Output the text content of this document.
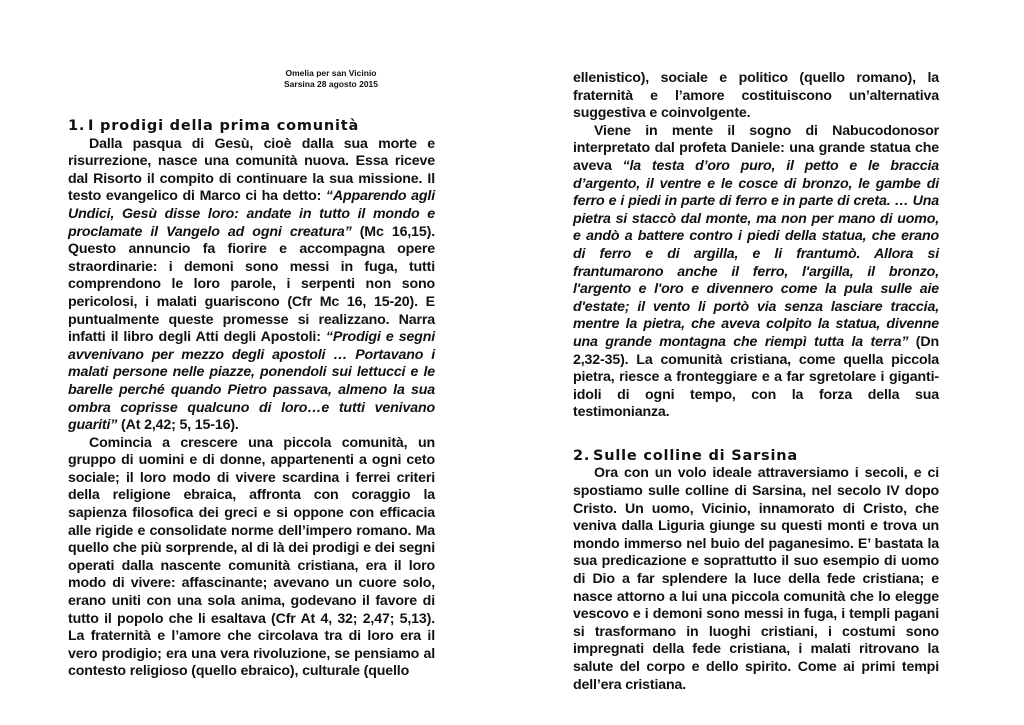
Omelia per san Vicinio
Sarsina 28 agosto 2015
1. I prodigi della prima comunità

Dalla pasqua di Gesù, cioè dalla sua morte e risurrezione, nasce una comunità nuova. Essa riceve dal Risorto il compito di continuare la sua missione. Il testo evangelico di Marco ci ha detto: “Apparendo agli Undici, Gesù disse loro: andate in tutto il mondo e proclamate il Vangelo ad ogni creatura” (Mc 16,15). Questo annuncio fa fiorire e accompagna opere straordinarie: i demoni sono messi in fuga, tutti comprendono le loro parole, i serpenti non sono pericolosi, i malati guariscono (Cfr Mc 16, 15-20). E puntualmente queste promesse si realizzano. Narra infatti il libro degli Atti degli Apostoli: “Prodigi e segni avvenivano per mezzo degli apostoli … Portavano i malati persone nelle piazze, ponendoli sui lettucci e le barelle perché quando Pietro passava, almeno la sua ombra coprisse qualcuno di loro…e tutti venivano guariti” (At 2,42; 5, 15-16).

Comincia a crescere una piccola comunità, un gruppo di uomini e di donne, appartenenti a ogni ceto sociale; il loro modo di vivere scardina i ferrei criteri della religione ebraica, affronta con coraggio la sapienza filosofica dei greci e si oppone con efficacia alle rigide e consolidate norme dell’impero romano. Ma quello che più sorprende, al di là dei prodigi e dei segni operati dalla nascente comunità cristiana, era il loro modo di vivere: affascinante; avevano un cuore solo, erano uniti con una sola anima, godevano il favore di tutto il popolo che li esaltava (Cfr At 4, 32; 2,47; 5,13). La fraternità e l’amore che circolava tra di loro era il vero prodigio; era una vera rivoluzione, se pensiamo al contesto religioso (quello ebraico), culturale (quello

ellenistico), sociale e politico (quello romano), la fraternità e l’amore costituiscono un’alternativa suggestiva e coinvolgente.

Viene in mente il sogno di Nabucodonosor interpretato dal profeta Daniele: una grande statua che aveva “la testa d’oro puro, il petto e le braccia d’argento, il ventre e le cosce di bronzo, le gambe di ferro e i piedi in parte di ferro e in parte di creta. … Una pietra si staccò dal monte, ma non per mano di uomo, e andò a battere contro i piedi della statua, che erano di ferro e di argilla, e li frantumò. Allora si frantumarono anche il ferro, l'argilla, il bronzo, l'argento e l'oro e divennero come la pula sulle aie d'estate; il vento li portò via senza lasciare traccia, mentre la pietra, che aveva colpito la statua, divenne una grande montagna che riempì tutta la terra” (Dn 2,32-35). La comunità cristiana, come quella piccola pietra, riesce a fronteggiare e a far sgretolare i giganti-idoli di ogni tempo, con la forza della sua testimonianza.

2. Sulle colline di Sarsina

Ora con un volo ideale attraversiamo i secoli, e ci spostiamo sulle colline di Sarsina, nel secolo IV dopo Cristo. Un uomo, Vicinio, innamorato di Cristo, che veniva dalla Liguria giunge su questi monti e trova un mondo immerso nel buio del paganesimo. E’ bastata la sua predicazione e soprattutto il suo esempio di uomo di Dio a far splendere la luce della fede cristiana; e nasce attorno a lui una piccola comunità che lo elegge vescovo e i demoni sono messi in fuga, i templi pagani si trasformano in luoghi cristiani, i costumi sono impregnati della fede cristiana, i malati ritrovano la salute del corpo e dello spirito. Come ai primi tempi dell’era cristiana.
